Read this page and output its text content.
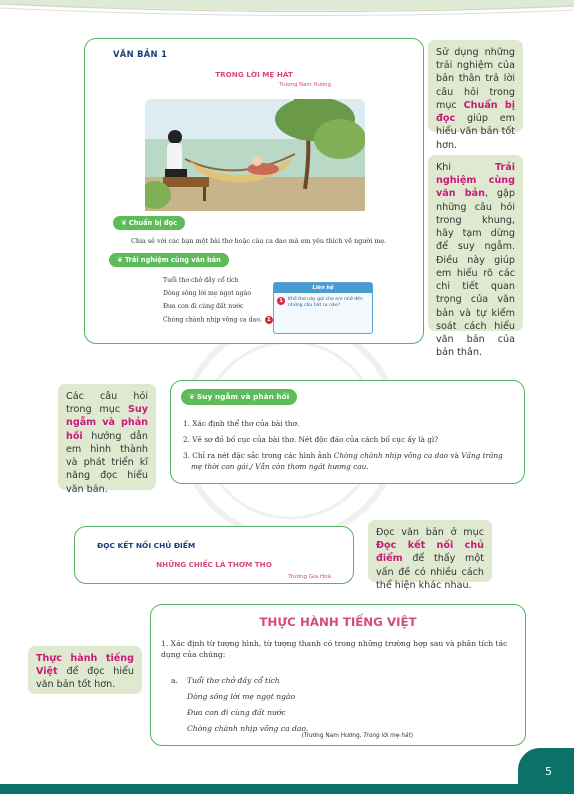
Sử dụng những trải nghiệm của bản thân trả lời câu hỏi trong mục Chuẩn bị đọc giúp em hiểu văn bản tốt hơn.
Khi Trải nghiệm cùng văn bản, gặp những câu hỏi trong khung, hãy tạm dừng để suy ngẫm. Điều này giúp em hiểu rõ các chi tiết quan trọng của văn bản và tự kiểm soát cách hiểu văn bản của bản thân.
VĂN BẢN 1
TRONG LỜI MẸ HÁT
Trương Nam Hương
❦ Chuẩn bị đọc
Chia sẻ với các bạn một bài thơ hoặc câu ca dao mà em yêu thích về người mẹ.
❦ Trải nghiệm cùng văn bản
Tuổi thơ chở đầy cổ tích
Dòng sông lời mẹ ngọt ngào
Đưa con đi cùng đất nước
Chòng chành nhịp võng ca dao. 1
Liên hệ
1	Khổ thơ này gợi cho em nhớ đến những câu hát ru nào?
Các câu hỏi trong mục Suy ngẫm và phản hồi hướng dẫn em hình thành và phát triển kĩ năng đọc hiểu văn bản.
❦ Suy ngẫm và phản hồi
1. Xác định thể thơ của bài thơ.
2. Vẽ sơ đồ bố cục của bài thơ. Nét độc đáo của cách bố cục ấy là gì?
3. Chỉ ra nét đặc sắc trong các hình ảnh Chòng chành nhịp võng ca dao và Vầng trăng
mẹ thời con gái,/ Vẫn còn thơm ngát hương cau.
ĐỌC KẾT NỐI CHỦ ĐIỂM
NHỮNG CHIẾC LÁ THƠM THO
Trương Gia Hoà
Đọc văn bản ở mục Đọc kết nối chủ điểm để thấy một vấn đề có nhiều cách thể hiện khác nhau.
Thực hành tiếng Việt để đọc hiểu văn bản tốt hơn.
THỰC HÀNH TIẾNG VIỆT
1. Xác định từ tượng hình, từ tượng thanh có trong những trường hợp sau và phân tích tác dụng của chúng:
a. Tuổi thơ chở đầy cổ tích
Dòng sông lời mẹ ngọt ngào
Đưa con đi cùng đất nước
Chòng chành nhịp võng ca dao.
(Trương Nam Hương, Trong lời mẹ hát)
5
